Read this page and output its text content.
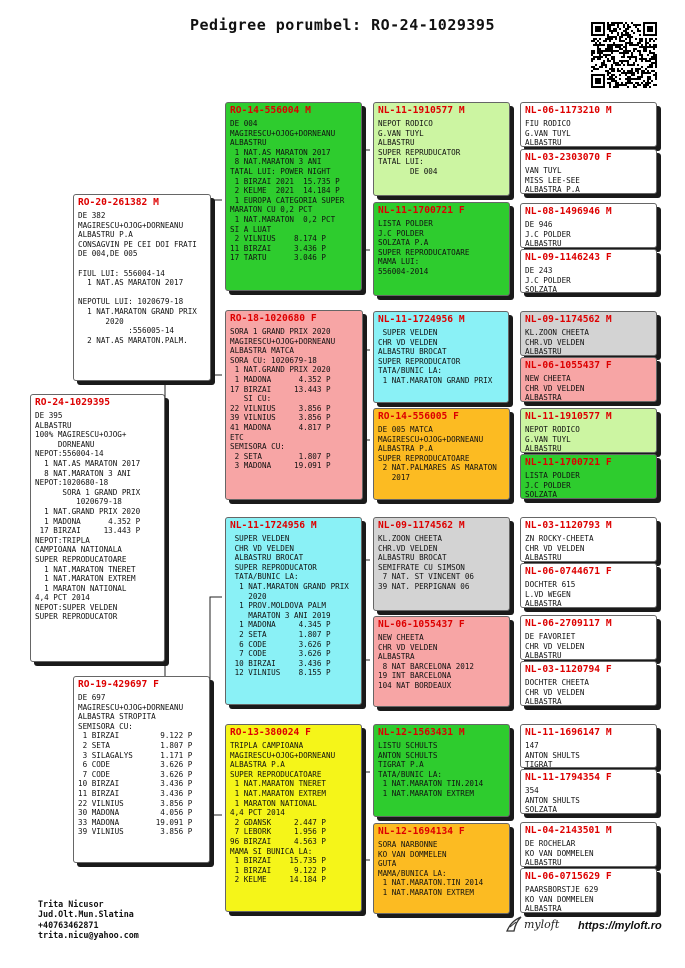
Pedigree porumbel: RO-24-1029395
RO-24-1029395
DE 395
ALBASTRU
100% MAGIRESCU+OJOG+
DORNEANU
NEPOT:556004-14
1 NAT.AS MARATON 2017
8 NAT.MARATON 3 ANI
NEPOT:1020680-18
SORA 1 GRAND PRIX
1020679-18
1 NAT.GRAND PRIX 2020
1 MADONA      4.352 P
17 BIRZAI     13.443 P
NEPOT:TRIPLA
CAMPIOANA NATIONALA
SUPER REPRODUCATOARE
1 NAT.MARATON TNERET
1 NAT.MARATON EXTREM
1 MARATON NATIONAL
4,4 PCT 2014
NEPOT:SUPER VELDEN
SUPER REPRODUCATOR
RO-20-261382 M
DE 382
MAGIRESCU+OJOG+DORNEANU
ALBASTRU P.A
CONSAGVIN PE CEI DOI FRATI
DE 004,DE 005

FIUL LUI: 556004-14
1 NAT.AS MARATON 2017

NEPOTUL LUI: 1020679-18
1 NAT.MARATON GRAND PRIX
2020
:556005-14
2 NAT.AS MARATON.PALM.
RO-19-429697 F
DE 697
MAGIRESCU+OJOG+DORNEANU
ALBASTRA STROPITA
SEMISORA CU:
1 BIRZAI         9.122 P
2 SETA           1.807 P
3 SILAGALYS      1.171 P
6 CODE           3.626 P
7 CODE           3.626 P
10 BIRZAI         3.436 P
11 BIRZAI         3.436 P
22 VILNIUS        3.856 P
30 MADONA         4.056 P
33 MADONA        19.091 P
39 VILNIUS        3.856 P
RO-14-556004 M
DE 004
MAGIRESCU+OJOG+DORNEANU
ALBASTRU
1 NAT.AS MARATON 2017
8 NAT.MARATON 3 ANI
TATAL LUI: POWER NIGHT
1 BIRZAI 2021  15.735 P
2 KELME  2021  14.184 P
1 EUROPA CATEGORIA SUPER
MARATON CU 0,2 PCT
1 NAT.MARATON  0,2 PCT
SI A LUAT
2 VILNIUS    8.174 P
11 BIRZAI     3.436 P
17 TARTU      3.046 P
RO-18-1020680 F
SORA 1 GRAND PRIX 2020
MAGIRESCU+OJOG+DORNEANU
ALBASTRA MATCA
SORA CU: 1020679-18
1 NAT.GRAND PRIX 2020
1 MADONA      4.352 P
17 BIRZAI     13.443 P
SI CU:
22 VILNIUS     3.856 P
39 VILNIUS     3.856 P
41 MADONA      4.817 P
ETC
SEMISORA CU:
2 SETA        1.807 P
3 MADONA     19.091 P
NL-11-1724956 M
SUPER VELDEN
CHR VD VELDEN
ALBASTRU BROCAT
SUPER REPRODUCATOR
TATA/BUNIC LA:
1 NAT.MARATON GRAND PRIX
2020
1 PROV.MOLDOVA PALM
MARATON 3 ANI 2019
1 MADONA     4.345 P
2 SETA       1.807 P
6 CODE       3.626 P
7 CODE       3.626 P
10 BIRZAI     3.436 P
12 VILNIUS    8.155 P
RO-13-380024 F
TRIPLA CAMPIOANA
MAGIRESCU+OJOG+DORNEANU
ALBASTRA P.A
SUPER REPRODUCATOARE
1 NAT.MARATON TNERET
1 NAT.MARATON EXTREM
1 MARATON NATIONAL
4,4 PCT 2014
2 GDANSK     2.447 P
7 LEBORK     1.956 P
96 BIRZAI     4.563 P
MAMA SI BUNICA LA:
1 BIRZAI    15.735 P
1 BIRZAI     9.122 P
2 KELME     14.184 P
NL-11-1910577 M
NEPOT RODICO
G.VAN TUYL
ALBASTRU
SUPER REPRUDUCATOR
TATAL LUI:
DE 004
NL-11-1700721 F
LISTA POLDER
J.C POLDER
SOLZATA P.A
SUPER REPRODUCATOARE
MAMA LUI:
556004-2014
NL-11-1724956 M
SUPER VELDEN
CHR VD VELDEN
ALBASTRU BROCAT
SUPER REPRODUCATOR
TATA/BUNIC LA:
1 NAT.MARATON GRAND PRIX
RO-14-556005 F
DE 005 MATCA
MAGIRESCU+OJOG+DORNEANU
ALBASTRA P.A
SUPER REPRODUCATOARE
2 NAT.PALMARES AS MARATON
2017
NL-09-1174562 M
KL.ZOON CHEETA
CHR.VD VELDEN
ALBASTRU BROCAT
SEMIFRATE CU SIMSON
7 NAT. ST VINCENT 06
39 NAT. PERPIGNAN 06
NL-06-1055437 F
NEW CHEETA
CHR VD VELDEN
ALBASTRA
8 NAT BARCELONA 2012
19 INT BARCELONA
104 NAT BORDEAUX
NL-12-1563431 M
LISTU SCHULTS
ANTON SCHULTS
TIGRAT P.A
TATA/BUNIC LA:
1 NAT.MARATON TIN.2014
1 NAT.MARATON EXTREM
NL-12-1694134 F
SORA NARBONNE
KO VAN DOMMELEN
GUTA
MAMA/BUNICA LA:
1 NAT.MARATON.TIN 2014
1 NAT.MARATON EXTREM
NL-06-1173210 M
FIU RODICO
G.VAN TUYL
ALBASTRU
NL-03-2303070 F
VAN TUYL
MISS LEE-SEE
ALBASTRA P.A
NL-08-1496946 M
DE 946
J.C POLDER
ALBASTRU
NL-09-1146243 F
DE 243
J.C POLDER
SOLZATA
NL-09-1174562 M
KL.ZOON CHEETA
CHR.VD VELDEN
ALBASTRU
NL-06-1055437 F
NEW CHEETA
CHR VD VELDEN
ALBASTRA
NL-11-1910577 M
NEPOT RODICO
G.VAN TUYL
ALBASTRU
NL-11-1700721 F
LISTA POLDER
J.C POLDER
SOLZATA
NL-03-1120793 M
ZN ROCKY-CHEETA
CHR VD VELDEN
ALBASTRU
NL-06-0744671 F
DOCHTER 615
L.VD WEGEN
ALBASTRA
NL-06-2709117 M
DE FAVORIET
CHR VD VELDEN
ALBASTRU
NL-03-1120794 F
DOCHTER CHEETA
CHR VD VELDEN
ALBASTRA
NL-11-1696147 M
147
ANTON SHULTS
TIGRAT
NL-11-1794354 F
354
ANTON SHULTS
SOLZATA
NL-04-2143501 M
DE ROCHELAR
KO VAN DOMMELEN
ALBASTRU
NL-06-0715629 F
PAARSBORSTJE 629
KO VAN DOMMELEN
ALBASTRA
Trita Nicusor
Jud.Olt.Mun.Slatina
+40763462871
trita.nicu@yahoo.com
myloft https://myloft.ro
